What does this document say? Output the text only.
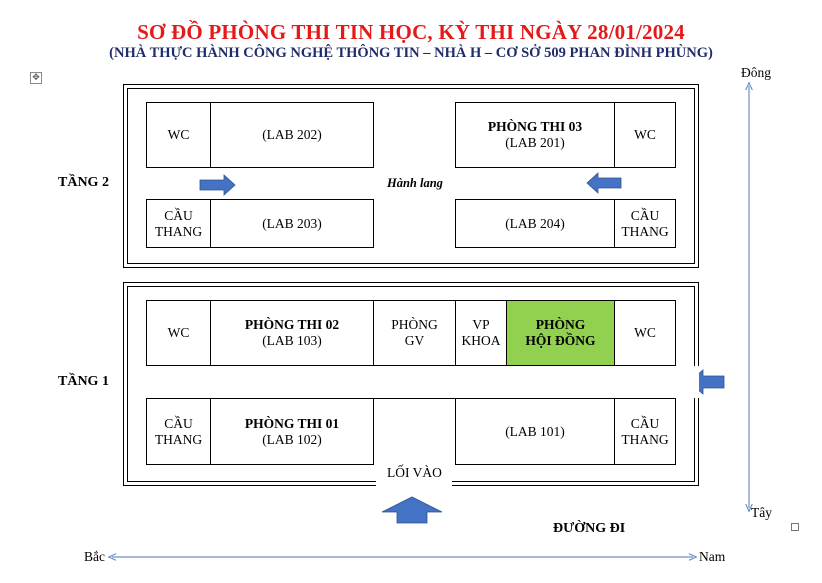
SƠ ĐỒ PHÒNG THI TIN HỌC, KỲ THI NGÀY 28/01/2024
(NHÀ THỰC HÀNH CÔNG NGHỆ THÔNG TIN – NHÀ H – CƠ SỞ 509 PHAN ĐÌNH PHÙNG)
✥
TẦNG 2
WC	(LAB 202)
PHÒNG THI 03
(LAB 201)
WC
Hành lang
CẦU
THANG
(LAB 203)	(LAB 204)
CẦU
THANG
TẦNG 1
WC
PHÒNG THI 02
(LAB 103)
PHÒNG
GV
VP
KHOA
PHÒNG
HỘI ĐỒNG
WC
CẦU
THANG
PHÒNG THI 01
(LAB 102)
(LAB 101)
CẦU
THANG
LỐI VÀO
ĐƯỜNG ĐI
Đông
Tây
Bắc	Nam
